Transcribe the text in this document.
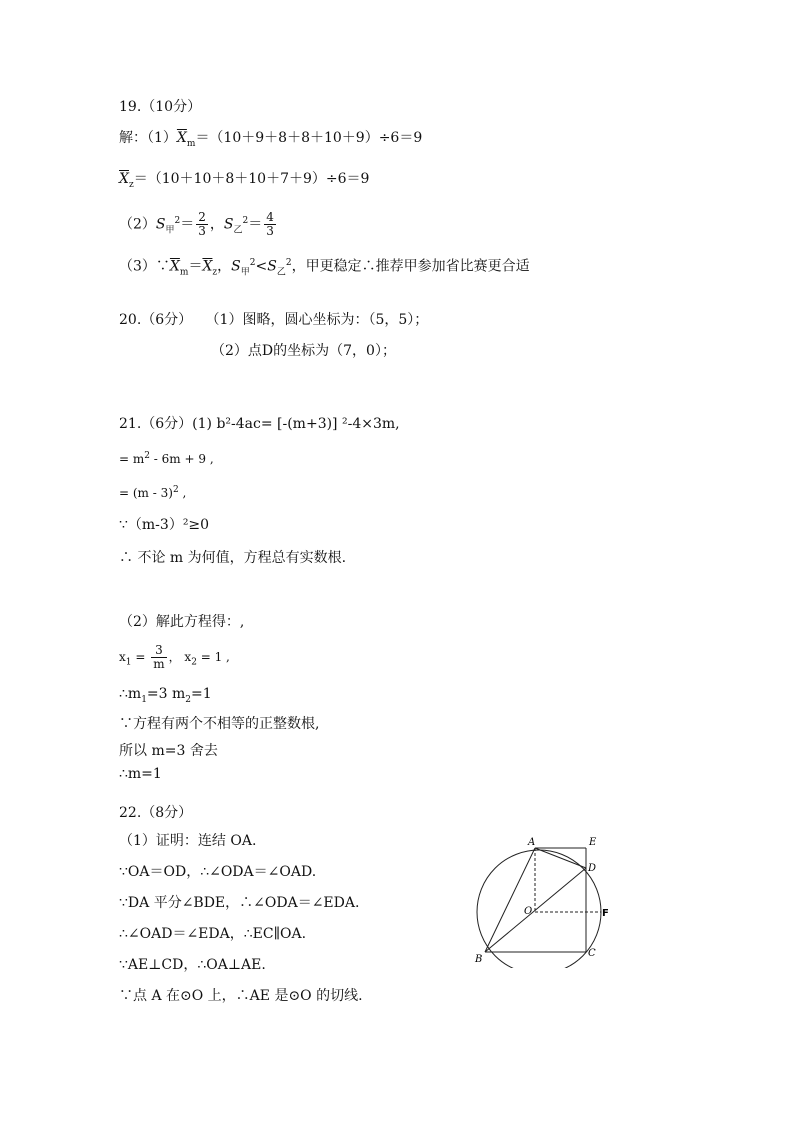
19.（10分）
解：$(1)\overline{X}_m=(10+9+8+8+10+9)\div 6=9$
$\overline{X}_z=(10+10+8+10+7+9)\div 6=9$
$(2)S_甲^2= \frac{2}{3}$ ，$S_乙^2= \frac{4}{3}$
$(3)\because\overline{X}_m=\overline{X}_z$，$S_甲^2<S_乙^2$，甲更稳定∴推荐甲参加省比赛更合适
20.（6分） （1）图略，圆心坐标为：（5，5）；
（2）点D的坐标为（7，0）；
21.（6分）(1) b²-4ac= [-(m+3)] ²-4×3m,
= $m^2 - 6m + 9$ ,
= (m - 3)$^2$ ,
∵（m-3）²≥0
∴ 不论 m 为何值，方程总有实数根.
（2）解此方程得：,
$x_1 = \frac{3}{m}$ ， $x_2 = 1$ ,
$\therefore m_1=3$ $m_2=1$
∵方程有两个不相等的正整数根,
所以 m=3 舍去
∴m=1
22.（8分）
（1）证明：连结 OA.
∵OA＝OD，∴∠ODA＝∠OAD.
∵DA 平分∠BDE，∴∠ODA＝∠EDA.
∴∠OAD＝∠EDA，∴EC∥OA.
∵AE⊥CD，∴OA⊥AE.
∵点 A 在⊙O 上，∴AE 是⊙O 的切线.
A	E
D
O	F
B
C
